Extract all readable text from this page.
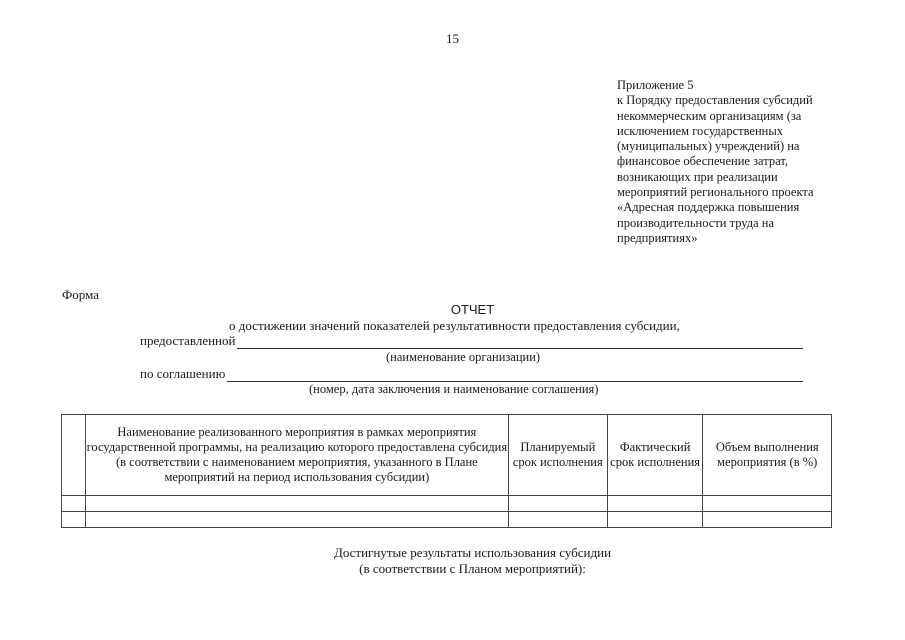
15
Приложение 5
к Порядку предоставления субсидий
некоммерческим организациям (за
исключением государственных
(муниципальных) учреждений) на
финансовое обеспечение затрат,
возникающих при реализации
мероприятий регионального проекта
«Адресная поддержка повышения
производительности труда на
предприятиях»
Форма
ОТЧЕТ
о достижении значений показателей результативности предоставления субсидии,
предоставленной
(наименование организации)
по соглашению
(номер, дата заключения и наименование соглашения)
	Наименование реализованного мероприятия в рамках мероприятия государственной программы, на реализацию которого предоставлена субсидия (в соответствии с наименованием мероприятия, указанного в Плане мероприятий на период использования субсидии)	Планируемый срок исполнения	Фактический срок исполнения	Объем выполнения мероприятия (в %)

Достигнутые результаты использования субсидии
(в соответствии с Планом мероприятий):
